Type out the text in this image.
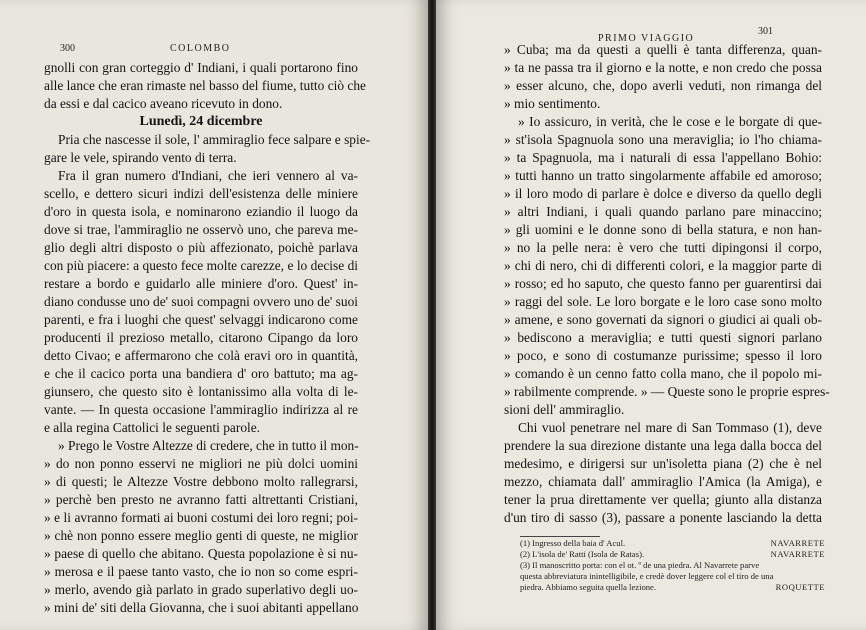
300	COLOMBO
gnolli con gran corteggio d' Indiani, i quali portarono fino
alle lance che eran rimaste nel basso del fiume, tutto ciò che
da essi e dal cacico aveano ricevuto in dono.
Lunedì, 24 dicembre
Pria che nascesse il sole, l' ammiraglio fece salpare e spie-
gare le vele, spirando vento di terra.
Fra il gran numero d'Indiani, che ieri vennero al va-
scello, e dettero sicuri indizi dell'esistenza delle miniere
d'oro in questa isola, e nominarono eziandio il luogo da
dove si trae, l'ammiraglio ne osservò uno, che pareva me-
glio degli altri disposto o più affezionato, poichè parlava
con più piacere: a questo fece molte carezze, e lo decise di
restare a bordo e guidarlo alle miniere d'oro. Quest' in-
diano condusse uno de' suoi compagni ovvero uno de' suoi
parenti, e fra i luoghi che quest' selvaggi indicarono come
producenti il prezioso metallo, citarono Cipango da loro
detto Civao; e affermarono che colà eravi oro in quantità,
e che il cacico porta una bandiera d' oro battuto; ma ag-
giunsero, che questo sito è lontanissimo alla volta di le-
vante. — In questa occasione l'ammiraglio indirizza al re
e alla regina Cattolici le seguenti parole.
» Prego le Vostre Altezze di credere, che in tutto il mon-
» do non ponno esservi ne migliori ne più dolci uomini
» di questi; le Altezze Vostre debbono molto rallegrarsi,
» perchè ben presto ne avranno fatti altrettanti Cristiani,
» e li avranno formati ai buoni costumi dei loro regni; poi-
» chè non ponno essere meglio genti di queste, ne miglior
» paese di quello che abitano. Questa popolazione è si nu-
» merosa e il paese tanto vasto, che io non so come espri-
» merlo, avendo già parlato in grado superlativo degli uo-
» mini de' siti della Giovanna, che i suoi abitanti appellano
PRIMO VIAGGIO
301
» Cuba; ma da questi a quelli è tanta differenza, quan-
» ta ne passa tra il giorno e la notte, e non credo che possa
» esser alcuno, che, dopo averli veduti, non rimanga del
» mio sentimento.
» Io assicuro, in verità, che le cose e le borgate di que-
» st'isola Spagnuola sono una meraviglia; io l'ho chiama-
» ta Spagnuola, ma i naturali di essa l'appellano Bohio:
» tutti hanno un tratto singolarmente affabile ed amoroso;
» il loro modo di parlare è dolce e diverso da quello degli
» altri Indiani, i quali quando parlano pare minaccino;
» gli uomini e le donne sono di bella statura, e non han-
» no la pelle nera: è vero che tutti dipingonsi il corpo,
» chi di nero, chi di differenti colori, e la maggior parte di
» rosso; ed ho saputo, che questo fanno per guarentirsi dai
» raggi del sole. Le loro borgate e le loro case sono molto
» amene, e sono governati da signori o giudici ai quali ob-
» bediscono a meraviglia; e tutti questi signori parlano
» poco, e sono di costumanze purissime; spesso il loro
» comando è un cenno fatto colla mano, che il popolo mi-
» rabilmente comprende. » — Queste sono le proprie espres-
sioni dell' ammiraglio.
Chi vuol penetrare nel mare di San Tommaso (1), deve
prendere la sua direzione distante una lega dalla bocca del
medesimo, e dirigersi sur un'isoletta piana (2) che è nel
mezzo, chiamata dall' ammiraglio l'Amica (la Amiga), e
tener la prua direttamente ver quella; giunto alla distanza
d'un tiro di sasso (3), passare a ponente lasciando la detta
(1) Ingresso della baia d' Acul.	NAVARRETE
(2) L'isola de' Ratti (Isola de Ratas).	NAVARRETE
(3) Il manoscritto porta: con el ot. º de una piedra. Al Navarrete parve
questa abbreviatura inintelligibile, e credè dover leggere col el tiro de una
piedra. Abbiamo seguita quella lezione.	ROQUETTE
